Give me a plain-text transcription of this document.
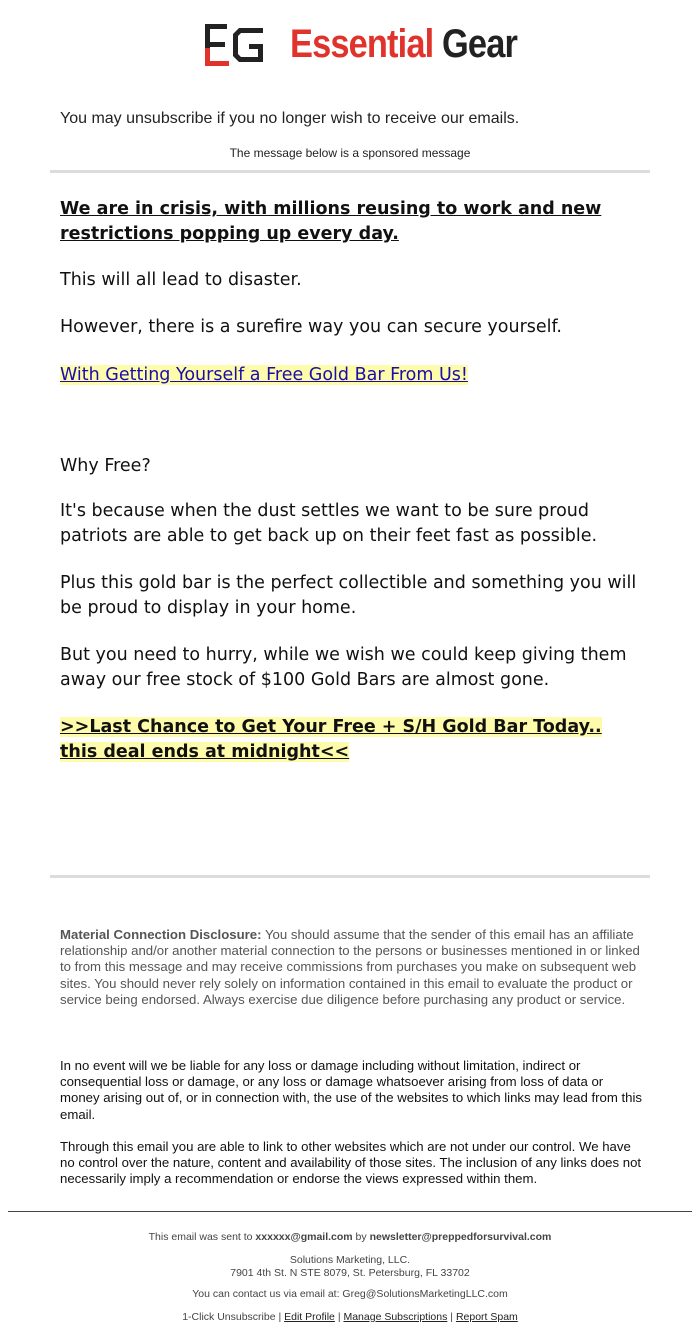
Essential Gear
You may unsubscribe if you no longer wish to receive our emails.
The message below is a sponsored message
We are in crisis, with millions reusing to work and new restrictions popping up every day.
This will all lead to disaster.
However, there is a surefire way you can secure yourself.
With Getting Yourself a Free Gold Bar From Us!
Why Free?
It's because when the dust settles we want to be sure proud patriots are able to get back up on their feet fast as possible.
Plus this gold bar is the perfect collectible and something you will be proud to display in your home.
But you need to hurry, while we wish we could keep giving them away our free stock of $100 Gold Bars are almost gone.
>>Last Chance to Get Your Free + S/H Gold Bar Today.. this deal ends at midnight<<
Material Connection Disclosure: You should assume that the sender of this email has an affiliate relationship and/or another material connection to the persons or businesses mentioned in or linked to from this message and may receive commissions from purchases you make on subsequent web sites. You should never rely solely on information contained in this email to evaluate the product or service being endorsed. Always exercise due diligence before purchasing any product or service.
In no event will we be liable for any loss or damage including without limitation, indirect or consequential loss or damage, or any loss or damage whatsoever arising from loss of data or money arising out of, or in connection with, the use of the websites to which links may lead from this email.
Through this email you are able to link to other websites which are not under our control. We have no control over the nature, content and availability of those sites. The inclusion of any links does not necessarily imply a recommendation or endorse the views expressed within them.
This email was sent to xxxxxx@gmail.com by newsletter@preppedforsurvival.com
Solutions Marketing, LLC.
7901 4th St. N STE 8079, St. Petersburg, FL 33702
You can contact us via email at: Greg@SolutionsMarketingLLC.com
1-Click Unsubscribe | Edit Profile | Manage Subscriptions | Report Spam
